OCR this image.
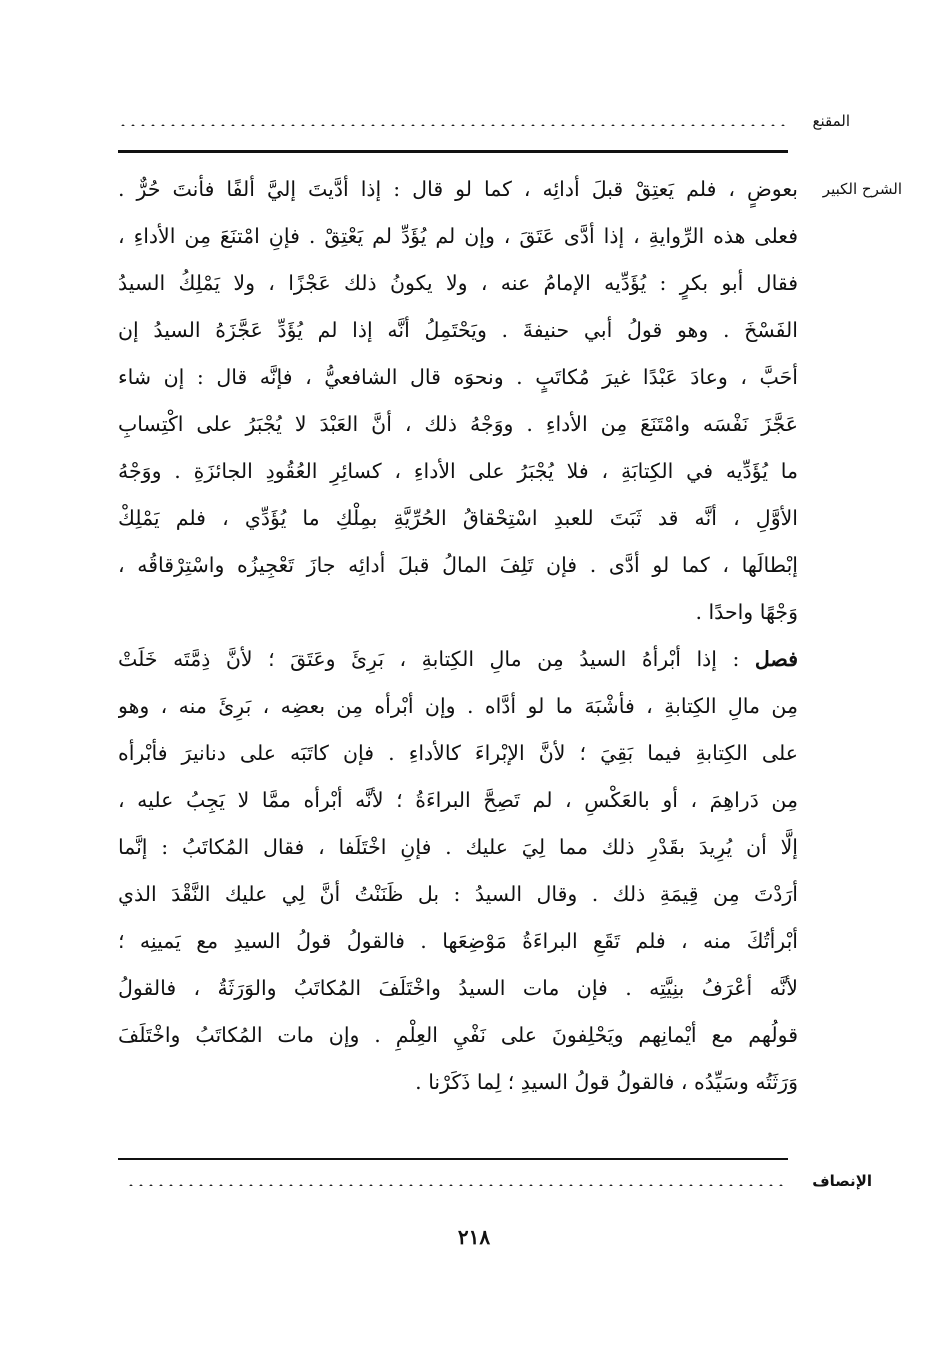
المقنع
الشرح الكبير
بعوضٍ ، فلم يَعتِقْ قبلَ أدائِه ، كما لو قال : إذا أدَّيتَ إليَّ ألفًا فأنتَ حُرٌّ .
فعلى هذه الرِّوايةِ ، إذا أدَّى عَتَقَ ، وإن لم يُؤَدِّ لم يَعْتِقْ . فإنِ امْتنَعَ مِن الأداءِ ،
فقال أبو بكرٍ : يُؤَدِّيه الإمامُ عنه ، ولا يكونُ ذلك عَجْزًا ، ولا يَمْلِكُ السيدُ
الفَسْخَ . وهو قولُ أبي حنيفةَ . ويَحْتَمِلُ أنَّه إذا لم يُؤَدِّ عَجَّزَهُ السيدُ إن
أحَبَّ ، وعادَ عَبْدًا غيرَ مُكاتَبٍ . ونحوَه قال الشافعيُّ ، فإنَّه قال : إن شاء
عَجَّزَ نَفْسَه وامْتَنَعَ مِن الأداءِ . ووَجْهُ ذلك ، أنَّ العَبْدَ لا يُجْبَرُ على اكْتِسابِ
ما يُؤَدِّيه في الكِتابَةِ ، فلا يُجْبَرُ على الأداءِ ، كسائِرِ العُقُودِ الجائزَةِ . ووَجْهُ
الأوَّلِ ، أنَّه قد ثَبَتَ للعبدِ اسْتِحْقاقُ الحُرِّيَّةِ بمِلْكِ ما يُؤَدِّي ، فلم يَمْلِكْ
إبْطالَها ، كما لو أدَّى . فإن تَلِفَ المالُ قبلَ أدائِه جازَ تَعْجِيزُه واسْتِرْقاقُه ،
وَجْهًا واحدًا .
فصل : إذا أبْرأهُ السيدُ مِن مالِ الكِتابةِ ، بَرِئَ وعَتَقَ ؛ لأنَّ ذِمَّتَه خَلَتْ
مِن مالِ الكِتابةِ ، فأشْبَهَ ما لو أدَّاه . وإن أبْرأه مِن بعضِه ، بَرِئَ منه ، وهو
على الكِتابةِ فيما بَقِيَ ؛ لأنَّ الإبْراءَ كالأداءِ . فإن كاتَبَه على دنانيرَ فأبْرأه
مِن دَراهِمَ ، أو بالعَكْسِ ، لم تَصِحَّ البراءَةُ ؛ لأنَّه أبْرأه ممَّا لا يَجِبُ عليه ،
إلَّا أن يُرِيدَ بقَدْرِ ذلك مما لِيَ عليك . فإنِ اخْتَلَفا ، فقال المُكاتَبُ : إنَّما
أرَدْتَ مِن قِيمَةِ ذلك . وقال السيدُ : بل ظَنَنْتُ أنَّ لِي عليك النَّقْدَ الذي
أبْرأتُكَ منه ، فلم تَقَعِ البراءَةُ مَوْضِعَها . فالقولُ قولُ السيدِ مع يَمينِه ؛
لأنَّه أعْرَفُ بنِيَّتِه . فإن مات السيدُ واخْتَلَفَ المُكاتَبُ والوَرَثَةُ ، فالقولُ
قولُهم مع أيْمانِهم ويَحْلِفونَ على نَفْيِ العِلْمِ . وإن مات المُكاتَبُ واخْتَلَفَ
وَرَثَتُه وسَيِّدُه ، فالقولُ قولُ السيدِ ؛ لِما ذَكَرْنا .
الإنصاف
٢١٨
